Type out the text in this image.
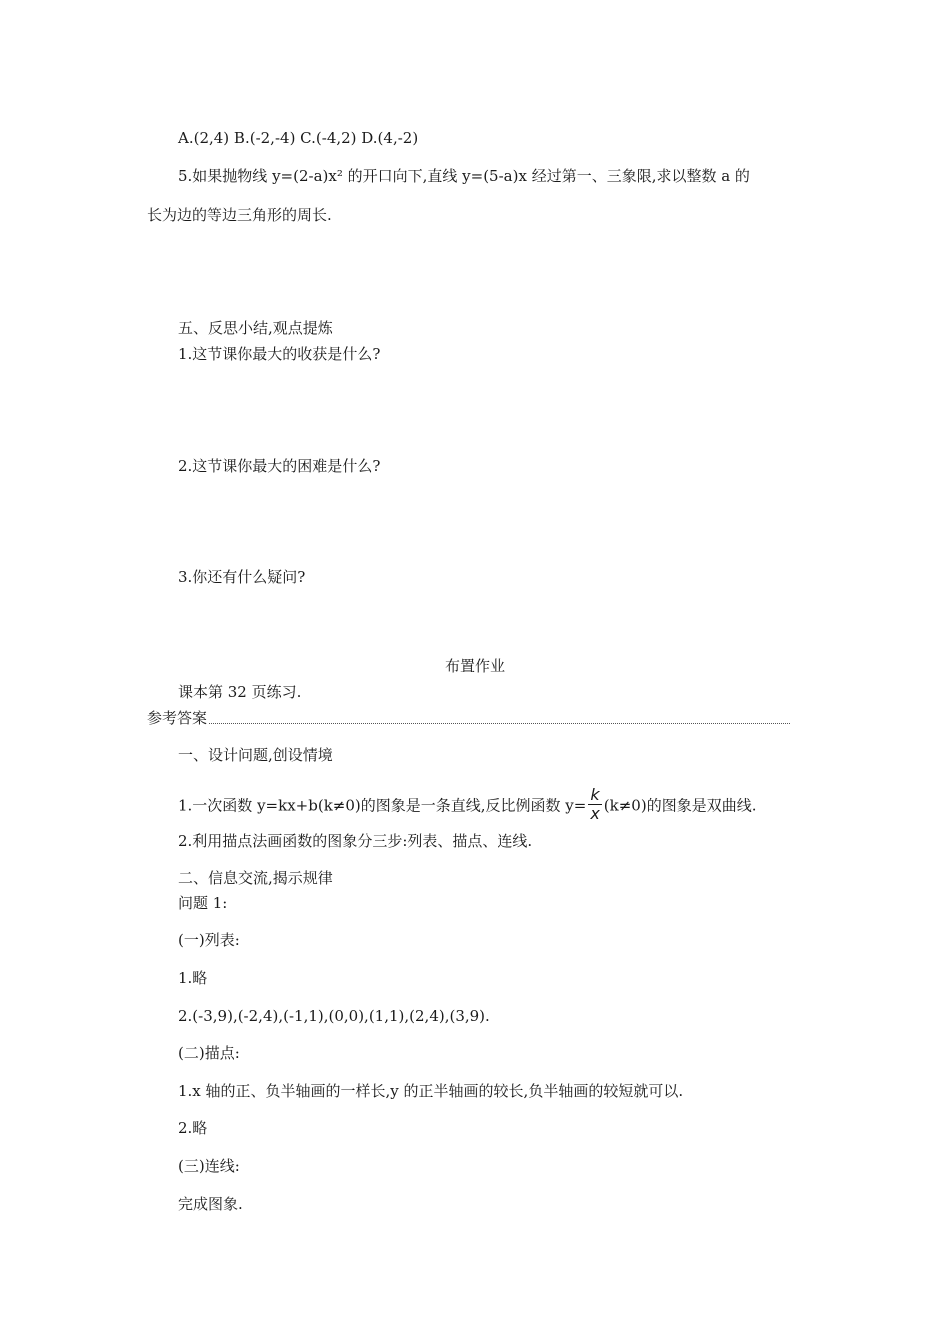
A.(2,4) B.(-2,-4) C.(-4,2) D.(4,-2)
5.如果抛物线 y=(2-a)x² 的开口向下,直线 y=(5-a)x 经过第一、三象限,求以整数 a 的
长为边的等边三角形的周长.
五、反思小结,观点提炼
1.这节课你最大的收获是什么?
2.这节课你最大的困难是什么?
3.你还有什么疑问?
布置作业
课本第 32 页练习.
参考答案
一、设计问题,创设情境
1.一次函数 y=kx+b(k≠0)的图象是一条直线,反比例函数 $y= \frac{k}{x} (k\ne 0)$的图象是双曲线.
2.利用描点法画函数的图象分三步:列表、描点、连线.
二、信息交流,揭示规律
问题 1:
(一)列表:
1.略
2.(-3,9),(-2,4),(-1,1),(0,0),(1,1),(2,4),(3,9).
(二)描点:
1.x 轴的正、负半轴画的一样长,y 的正半轴画的较长,负半轴画的较短就可以.
2.略
(三)连线:
完成图象.
